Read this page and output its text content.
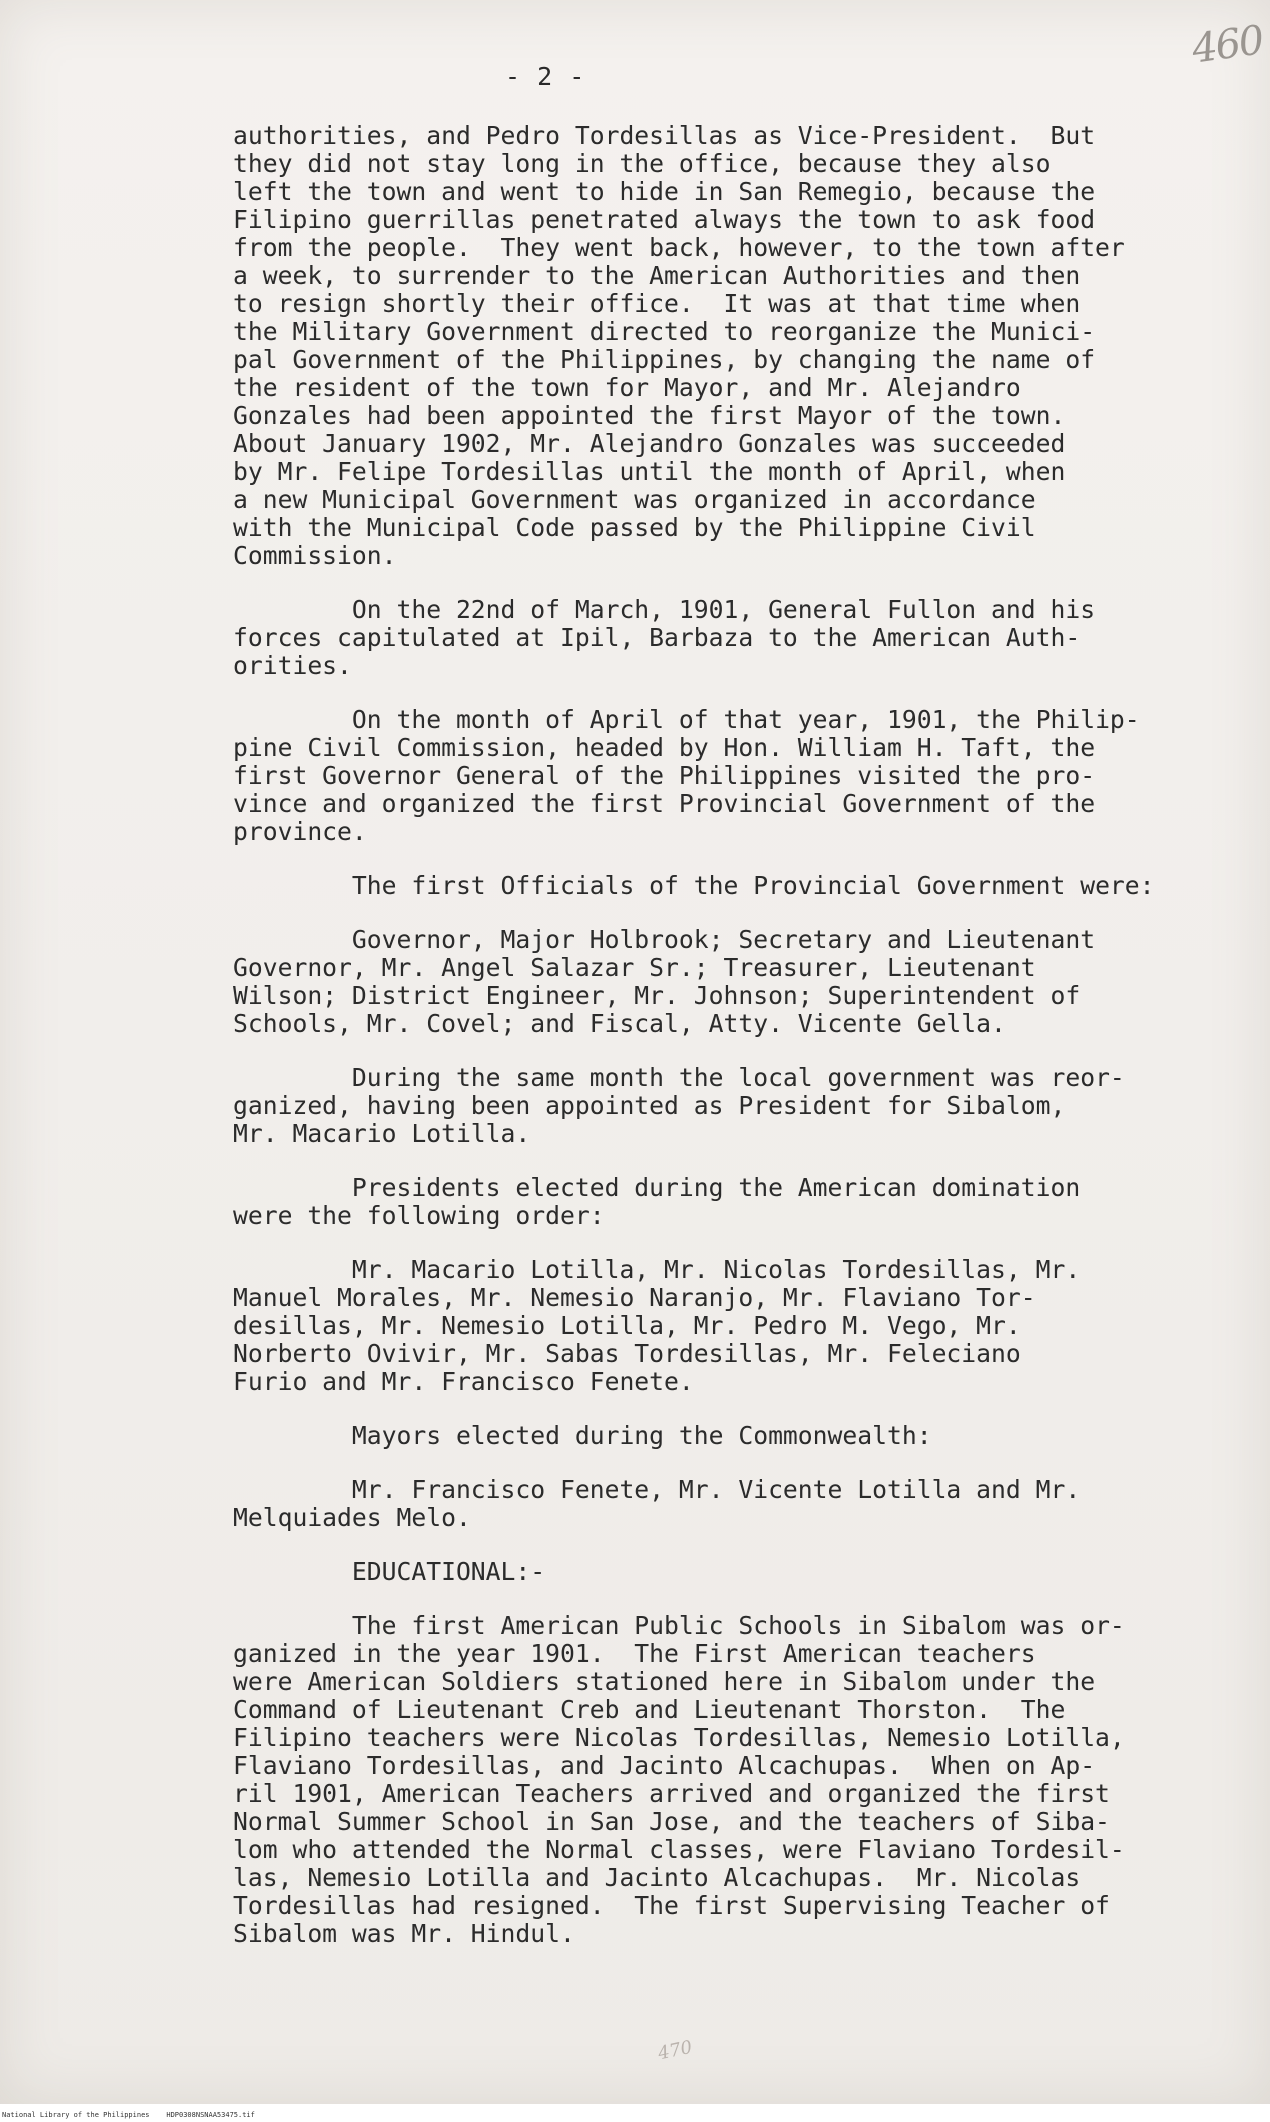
460
- 2 -

authorities, and Pedro Tordesillas as Vice-President.  But
they did not stay long in the office, because they also
left the town and went to hide in San Remegio, because the
Filipino guerrillas penetrated always the town to ask food
from the people.  They went back, however, to the town after
a week, to surrender to the American Authorities and then
to resign shortly their office.  It was at that time when
the Military Government directed to reorganize the Munici-
pal Government of the Philippines, by changing the name of
the resident of the town for Mayor, and Mr. Alejandro
Gonzales had been appointed the first Mayor of the town.
About January 1902, Mr. Alejandro Gonzales was succeeded
by Mr. Felipe Tordesillas until the month of April, when
a new Municipal Government was organized in accordance
with the Municipal Code passed by the Philippine Civil
Commission.

On the 22nd of March, 1901, General Fullon and his
forces capitulated at Ipil, Barbaza to the American Auth-
orities.

On the month of April of that year, 1901, the Philip-
pine Civil Commission, headed by Hon. William H. Taft, the
first Governor General of the Philippines visited the pro-
vince and organized the first Provincial Government of the
province.

The first Officials of the Provincial Government were:

Governor, Major Holbrook; Secretary and Lieutenant
Governor, Mr. Angel Salazar Sr.; Treasurer, Lieutenant
Wilson; District Engineer, Mr. Johnson; Superintendent of
Schools, Mr. Covel; and Fiscal, Atty. Vicente Gella.

During the same month the local government was reor-
ganized, having been appointed as President for Sibalom,
Mr. Macario Lotilla.

Presidents elected during the American domination
were the following order:

Mr. Macario Lotilla, Mr. Nicolas Tordesillas, Mr.
Manuel Morales, Mr. Nemesio Naranjo, Mr. Flaviano Tor-
desillas, Mr. Nemesio Lotilla, Mr. Pedro M. Vego, Mr.
Norberto Ovivir, Mr. Sabas Tordesillas, Mr. Feleciano
Furio and Mr. Francisco Fenete.

Mayors elected during the Commonwealth:

Mr. Francisco Fenete, Mr. Vicente Lotilla and Mr.
Melquiades Melo.

EDUCATIONAL:-

The first American Public Schools in Sibalom was or-
ganized in the year 1901.  The First American teachers
were American Soldiers stationed here in Sibalom under the
Command of Lieutenant Creb and Lieutenant Thorston.  The
Filipino teachers were Nicolas Tordesillas, Nemesio Lotilla,
Flaviano Tordesillas, and Jacinto Alcachupas.  When on Ap-
ril 1901, American Teachers arrived and organized the first
Normal Summer School in San Jose, and the teachers of Siba-
lom who attended the Normal classes, were Flaviano Tordesil-
las, Nemesio Lotilla and Jacinto Alcachupas.  Mr. Nicolas
Tordesillas had resigned.  The first Supervising Teacher of
Sibalom was Mr. Hindul.

470
National Library of the Philippines    HDP0308NSNAA53475.tif
